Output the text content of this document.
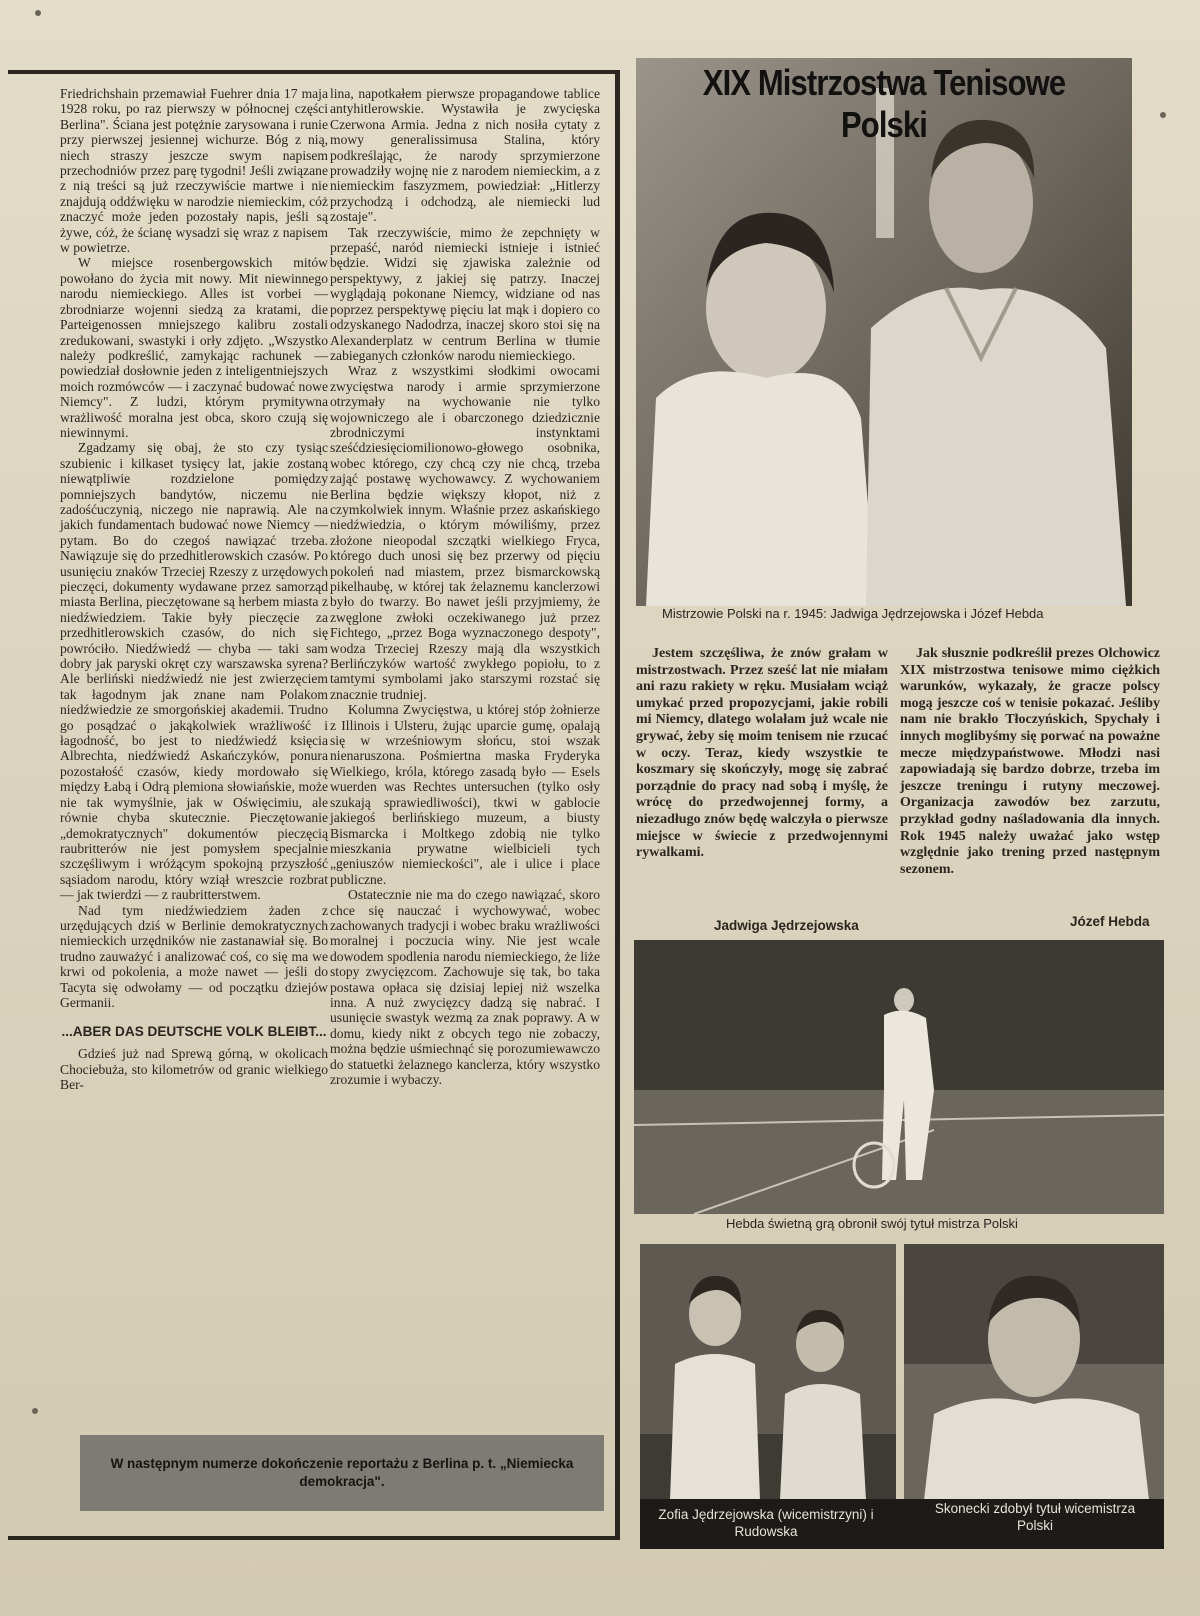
Friedrichshain przemawiał Fuehrer dnia 17 maja 1928 roku, po raz pierwszy w północnej części Berlina". Ściana jest potężnie zarysowana i runie przy pierwszej jesiennej wichurze. Bóg z nią, niech straszy jeszcze swym napisem przechodniów przez parę tygodni! Jeśli związane z nią treści są już rzeczywiście martwe i nie znajdują oddźwięku w narodzie niemieckim, cóż znaczyć może jeden pozostały napis, jeśli są żywe, cóż, że ścianę wysadzi się wraz z napisem w powietrze.

W miejsce rosenbergowskich mitów powołano do życia mit nowy. Mit niewinnego narodu niemieckiego. Alles ist vorbei — zbrodniarze wojenni siedzą za kratami, die Parteigenossen mniejszego kalibru zostali zredukowani, swastyki i orły zdjęto. „Wszystko należy podkreślić, zamykając rachunek — powiedział dosłownie jeden z inteligentniejszych moich rozmówców — i zaczynać budować nowe Niemcy". Z ludzi, którym prymitywna wrażliwość moralna jest obca, skoro czują się niewinnymi.

Zgadzamy się obaj, że sto czy tysiąc szubienic i kilkaset tysięcy lat, jakie zostaną niewątpliwie rozdzielone pomiędzy pomniejszych bandytów, niczemu nie zadośćuczynią, niczego nie naprawią. Ale na jakich fundamentach budować nowe Niemcy — pytam. Bo do czegoś nawiązać trzeba. Nawiązuje się do przedhitlerowskich czasów. Po usunięciu znaków Trzeciej Rzeszy z urzędowych pieczęci, dokumenty wydawane przez samorząd miasta Berlina, pieczętowane są herbem miasta z niedźwiedziem. Takie były pieczęcie za przedhitlerowskich czasów, do nich się powróciło. Niedźwiedź — chyba — taki sam dobry jak paryski okręt czy warszawska syrena? Ale berliński niedźwiedź nie jest zwierzęciem tak łagodnym jak znane nam Polakom niedźwiedzie ze smorgońskiej akademii. Trudno go posądzać o jakąkolwiek wrażliwość i łagodność, bo jest to niedźwiedź księcia Albrechta, niedźwiedź Askańczyków, ponura pozostałość czasów, kiedy mordowało się między Łabą i Odrą plemiona słowiańskie, może nie tak wymyślnie, jak w Oświęcimiu, ale równie chyba skutecznie. Pieczętowanie „demokratycznych" dokumentów pieczęcią raubritterów nie jest pomysłem specjalnie szczęśliwym i wróżącym spokojną przyszłość sąsiadom narodu, który wziął wreszcie rozbrat — jak twierdzi — z raubritterstwem.

Nad tym niedźwiedziem żaden z urzędujących dziś w Berlinie demokratycznych niemieckich urzędników nie zastanawiał się. Bo trudno zauważyć i analizować coś, co się ma we krwi od pokolenia, a może nawet — jeśli do Tacyta się odwołamy — od początku dziejów Germanii.

...ABER DAS DEUTSCHE VOLK BLEIBT...

Gdzieś już nad Sprewą górną, w okolicach Chociebuża, sto kilometrów od granic wielkiego Ber-

lina, napotkałem pierwsze propagandowe tablice antyhitlerowskie. Wystawiła je zwycięska Czerwona Armia. Jedna z nich nosiła cytaty z mowy generalissimusa Stalina, który podkreślając, że narody sprzymierzone prowadziły wojnę nie z narodem niemieckim, a z niemieckim faszyzmem, powiedział: „Hitlerzy przychodzą i odchodzą, ale niemiecki lud zostaje".

Tak rzeczywiście, mimo że zepchnięty w przepaść, naród niemiecki istnieje i istnieć będzie. Widzi się zjawiska zależnie od perspektywy, z jakiej się patrzy. Inaczej wyglądają pokonane Niemcy, widziane od nas poprzez perspektywę pięciu lat mąk i dopiero co odzyskanego Nadodrza, inaczej skoro stoi się na Alexanderplatz w centrum Berlina w tłumie zabieganych członków narodu niemieckiego.

Wraz z wszystkimi słodkimi owocami zwycięstwa narody i armie sprzymierzone otrzymały na wychowanie nie tylko wojowniczego ale i obarczonego dziedzicznie zbrodniczymi instynktami sześćdziesięciomilionowo-głowego osobnika, wobec którego, czy chcą czy nie chcą, trzeba zająć postawę wychowawcy. Z wychowaniem Berlina będzie większy kłopot, niż z czymkolwiek innym. Właśnie przez askańskiego niedźwiedzia, o którym mówiliśmy, przez złożone nieopodal szczątki wielkiego Fryca, którego duch unosi się bez przerwy od pięciu pokoleń nad miastem, przez bismarckowską pikelhaubę, w której tak żelaznemu kanclerzowi było do twarzy. Bo nawet jeśli przyjmiemy, że zwęglone zwłoki oczekiwanego już przez Fichtego, „przez Boga wyznaczonego despoty", wodza Trzeciej Rzeszy mają dla wszystkich Berlińczyków wartość zwykłego popiołu, to z tamtymi symbolami jako starszymi rozstać się znacznie trudniej.

Kolumna Zwycięstwa, u której stóp żołnierze z Illinois i Ulsteru, żując uparcie gumę, opalają się w wrześniowym słońcu, stoi wszak nienaruszona. Pośmiertna maska Fryderyka Wielkiego, króla, którego zasadą było — Esels wuerden was Rechtes untersuchen (tylko osły szukają sprawiedliwości), tkwi w gablocie jakiegoś berlińskiego muzeum, a biusty Bismarcka i Moltkego zdobią nie tylko mieszkania prywatne wielbicieli tych „geniuszów niemieckości", ale i ulice i place publiczne.

Ostatecznie nie ma do czego nawiązać, skoro chce się nauczać i wychowywać, wobec zachowanych tradycji i wobec braku wrażliwości moralnej i poczucia winy. Nie jest wcale dowodem spodlenia narodu niemieckiego, że liże stopy zwycięzcom. Zachowuje się tak, bo taka postawa opłaca się dzisiaj lepiej niż wszelka inna. A nuż zwycięzcy dadzą się nabrać. I usunięcie swastyk wezmą za znak poprawy. A w domu, kiedy nikt z obcych tego nie zobaczy, można będzie uśmiechnąć się porozumiewawczo do statuetki żelaznego kanclerza, który wszystko zrozumie i wybaczy.

W następnym numerze dokończenie reportażu z Berlina p. t. „Niemiecka demokracja".
XIX Mistrzostwa Tenisowe Polski
Mistrzowie Polski na r. 1945: Jadwiga Jędrzejowska i Józef Hebda

Jestem szczęśliwa, że znów grałam w mistrzostwach. Przez sześć lat nie miałam ani razu rakiety w ręku. Musiałam wciąż umykać przed propozycjami, jakie robili mi Niemcy, dlatego wolałam już wcale nie grywać, żeby się moim tenisem nie rzucać w oczy. Teraz, kiedy wszystkie te koszmary się skończyły, mogę się zabrać porządnie do pracy nad sobą i myślę, że wrócę do przedwojennej formy, a niezadługo znów będę walczyła o pierwsze miejsce w świecie z przedwojennymi rywalkami.

Jadwiga Jędrzejowska

Jak słusznie podkreślił prezes Olchowicz XIX mistrzostwa tenisowe mimo ciężkich warunków, wykazały, że gracze polscy mogą jeszcze coś w tenisie pokazać. Jeśliby nam nie brakło Tłoczyńskich, Spychały i innych moglibyśmy się porwać na poważne mecze międzypaństwowe. Młodzi nasi zapowiadają się bardzo dobrze, trzeba im jeszcze treningu i rutyny meczowej. Organizacja zawodów bez zarzutu, przykład godny naśladowania dla innych. Rok 1945 należy uważać jako wstęp względnie jako trening przed następnym sezonem.

Józef Hebda
Hebda świetną grą obronił swój tytuł mistrza Polski
Zofia Jędrzejowska (wicemistrzyni) i Rudowska
Skonecki zdobył tytuł wicemistrza Polski
